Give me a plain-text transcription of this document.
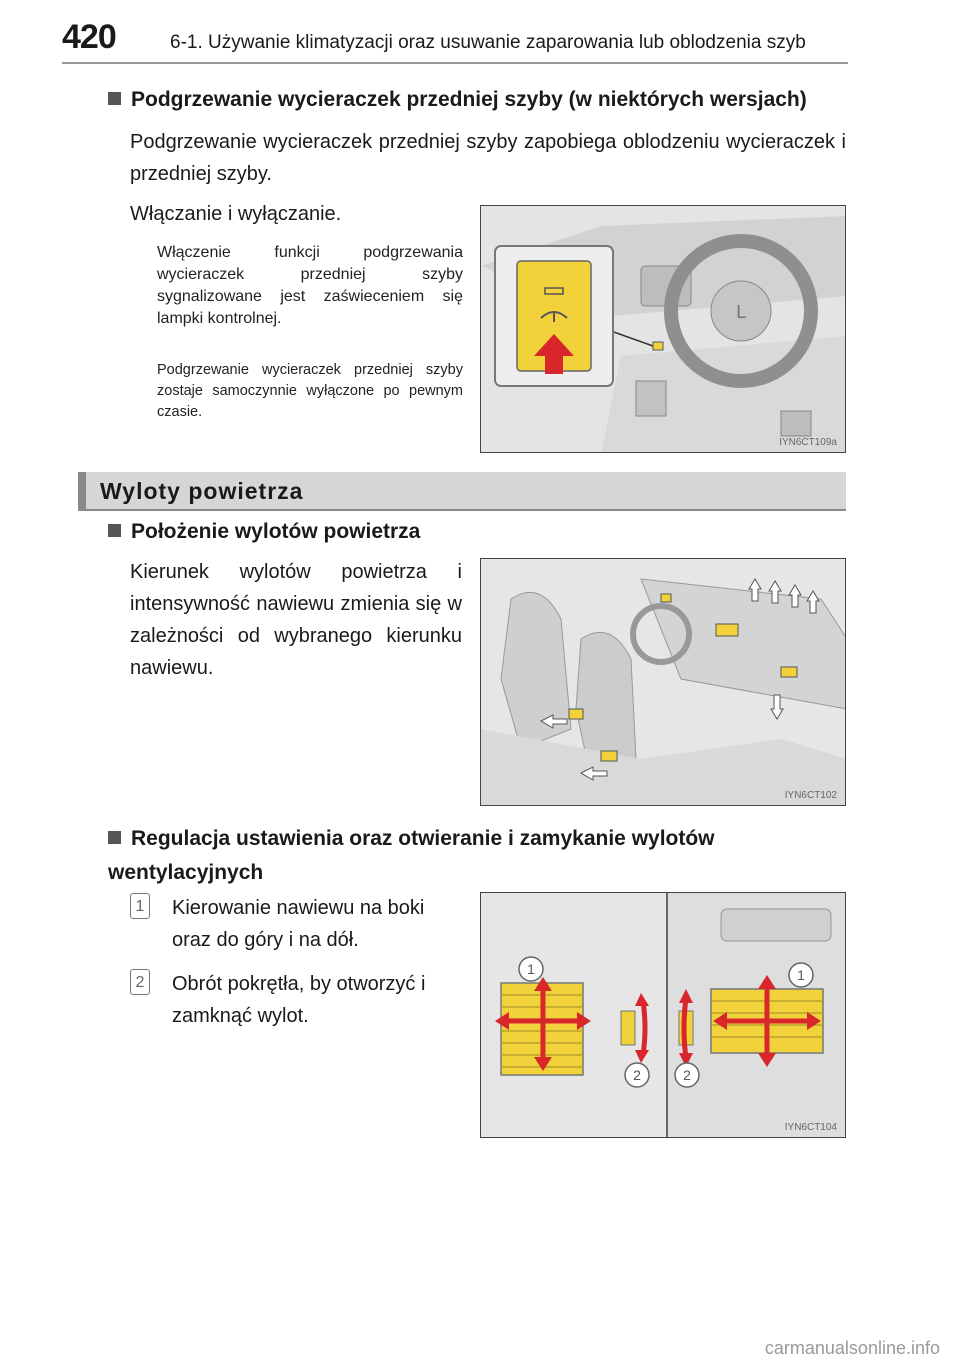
420	6-1. Używanie klimatyzacji oraz usuwanie zaparowania lub oblodzenia szyb
Podgrzewanie wycieraczek przedniej szyby (w niektórych wersjach)
Podgrzewanie wycieraczek przedniej szyby zapobiega oblodzeniu wycieraczek i przedniej szyby.
Włączanie i wyłączanie.
Włączenie funkcji podgrzewania wycieraczek przedniej szyby sygnalizowane jest zaświeceniem się lampki kontrolnej.
Podgrzewanie wycieraczek przedniej szyby zostaje samoczynnie wyłączone po pewnym czasie.
L
IYN6CT109a
Wyloty powietrza
Położenie wylotów powietrza
Kierunek wylotów powietrza i intensywność nawiewu zmienia się w zależności od wybranego kierunku nawiewu.
IYN6CT102
Regulacja ustawienia oraz otwieranie i zamykanie wylotów wentylacyjnych
1 Kierowanie nawiewu na boki oraz do góry i na dół.
2 Obrót pokrętła, by otworzyć i zamknąć wylot.
1	1
2	2
IYN6CT104
carmanualsonline.info
